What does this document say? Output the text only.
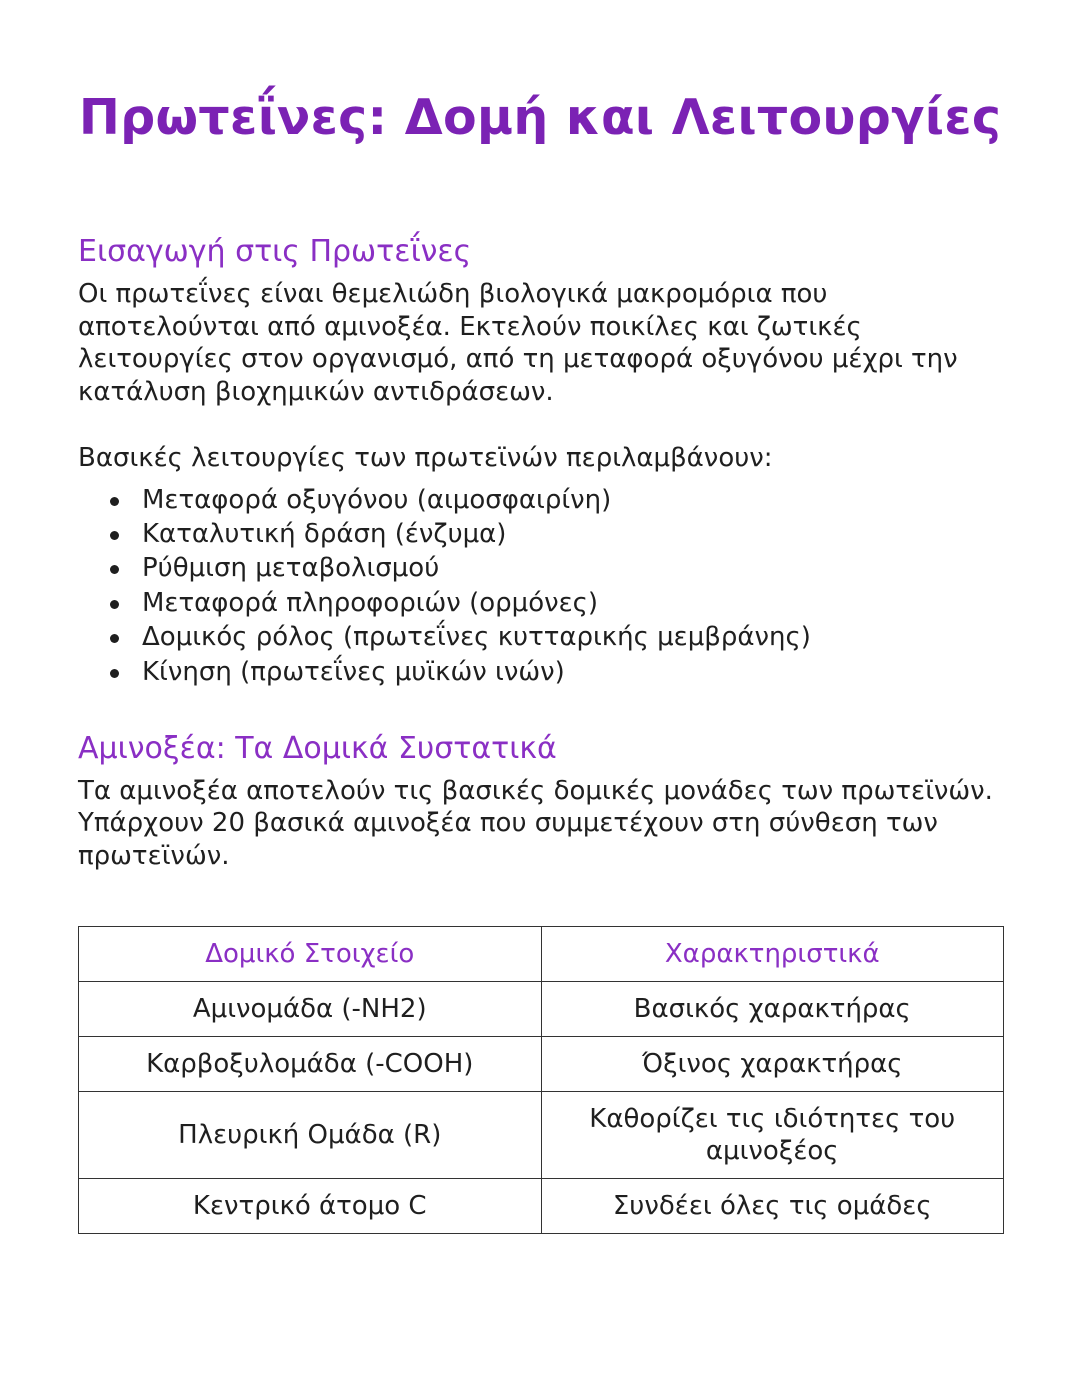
Πρωτεΐνες: Δομή και Λειτουργίες
Εισαγωγή στις Πρωτεΐνες

Οι πρωτεΐνες είναι θεμελιώδη βιολογικά μακρομόρια που αποτελούνται από αμινοξέα. Εκτελούν ποικίλες και ζωτικές λειτουργίες στον οργανισμό, από τη μεταφορά οξυγόνου μέχρι την κατάλυση βιοχημικών αντιδράσεων.

Βασικές λειτουργίες των πρωτεϊνών περιλαμβάνουν:

Μεταφορά οξυγόνου (αιμοσφαιρίνη)
Καταλυτική δράση (ένζυμα)
Ρύθμιση μεταβολισμού
Μεταφορά πληροφοριών (ορμόνες)
Δομικός ρόλος (πρωτεΐνες κυτταρικής μεμβράνης)
Κίνηση (πρωτεΐνες μυϊκών ινών)
Αμινοξέα: Τα Δομικά Συστατικά

Τα αμινοξέα αποτελούν τις βασικές δομικές μονάδες των πρωτεϊνών. Υπάρχουν 20 βασικά αμινοξέα που συμμετέχουν στη σύνθεση των πρωτεϊνών.

Δομικό Στοιχείο	Χαρακτηριστικά
Αμινομάδα (-NH2)	Βασικός χαρακτήρας
Καρβοξυλομάδα (-COOH)	Όξινος χαρακτήρας
Πλευρική Ομάδα (R)	Καθορίζει τις ιδιότητες του αμινοξέος
Κεντρικό άτομο C	Συνδέει όλες τις ομάδες
